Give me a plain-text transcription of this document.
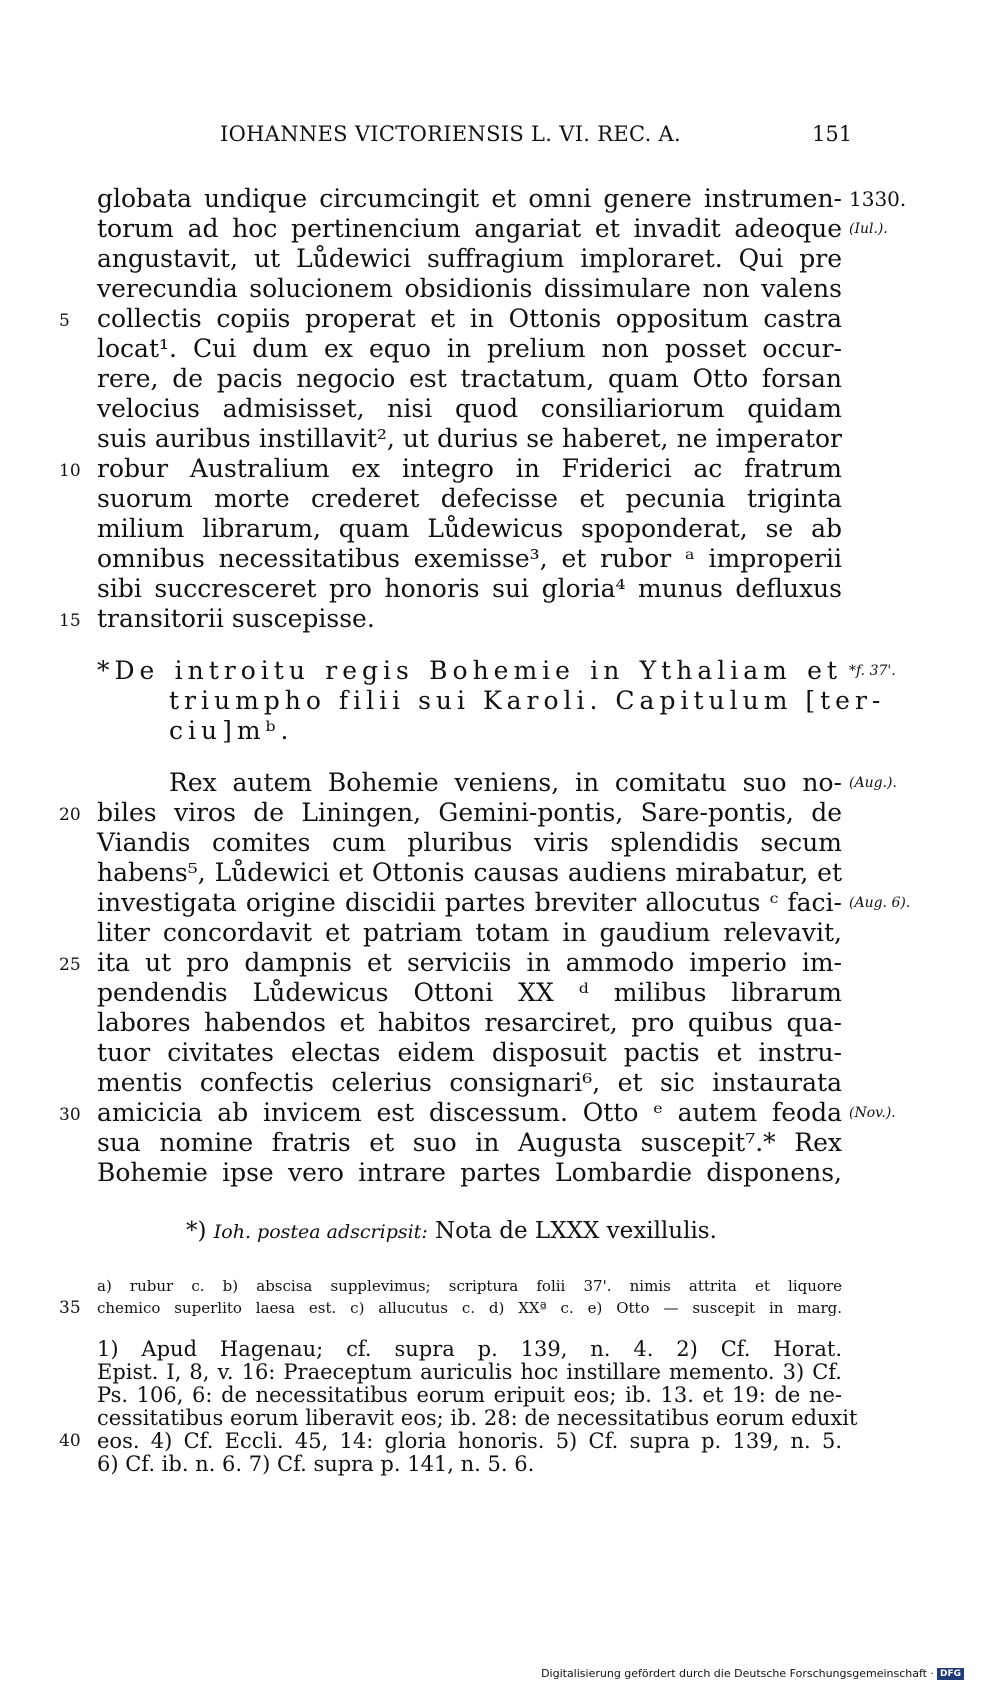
IOHANNES VICTORIENSIS L. VI. REC. A.	151
globata undique circumcingit et omni genere instrumen- 1330.
torum ad hoc pertinencium angariat et invadit adeoque (Iul.).
angustavit, ut Lůdewici suffragium imploraret. Qui pre
verecundia solucionem obsidionis dissimulare non valens
collectis copiis properat et in Ottonis oppositum castra
5
locat¹. Cui dum ex equo in prelium non posset occur-
rere, de pacis negocio est tractatum, quam Otto forsan
velocius admisisset, nisi quod consiliariorum quidam
suis auribus instillavit², ut durius se haberet, ne imperator
robur Australium ex integro in Friderici ac fratrum
10
suorum morte crederet defecisse et pecunia triginta
milium librarum, quam Lůdewicus spoponderat, se ab
omnibus necessitatibus exemisse³, et rubor ᵃ improperii
sibi succresceret pro honoris sui gloria⁴ munus defluxus
transitorii suscepisse.
15
*De introitu regis Bohemie in Ythaliam et *f. 37'.
triumpho filii sui Karoli. Capitulum [ter-
ciu]mᵇ.
Rex autem Bohemie veniens, in comitatu suo no- (Aug.).
biles viros de Liningen, Gemini-pontis, Sare-pontis, de
20
Viandis comites cum pluribus viris splendidis secum
habens⁵, Lůdewici et Ottonis causas audiens mirabatur, et
investigata origine discidii partes breviter allocutus ᶜ faci- (Aug. 6).
liter concordavit et patriam totam in gaudium relevavit,
ita ut pro dampnis et serviciis in ammodo imperio im-
25
pendendis Lůdewicus Ottoni XX ᵈ milibus librarum
labores habendos et habitos resarciret, pro quibus qua-
tuor civitates electas eidem disposuit pactis et instru-
mentis confectis celerius consignari⁶, et sic instaurata
amicicia ab invicem est discessum. Otto ᵉ autem feoda
30	(Nov.).
sua nomine fratris et suo in Augusta suscepit⁷.* Rex
Bohemie ipse vero intrare partes Lombardie disponens,
*) Ioh. postea adscripsit: Nota de LXXX vexillulis.
a) rubur c. b) abscisa supplevimus; scriptura folii 37'. nimis attrita et liquore
chemico superlito laesa est. c) allucutus c. d) XXª c. e) Otto — suscepit in marg.
35
1) Apud Hagenau; cf. supra p. 139, n. 4. 2) Cf. Horat.
Epist. I, 8, v. 16: Praeceptum auriculis hoc instillare memento. 3) Cf.
Ps. 106, 6: de necessitatibus eorum eripuit eos; ib. 13. et 19: de ne-
cessitatibus eorum liberavit eos; ib. 28: de necessitatibus eorum eduxit
eos. 4) Cf. Eccli. 45, 14: gloria honoris. 5) Cf. supra p. 139, n. 5.
40
6) Cf. ib. n. 6. 7) Cf. supra p. 141, n. 5. 6.
Digitalisierung gefördert durch die Deutsche Forschungsgemeinschaft · DFG
